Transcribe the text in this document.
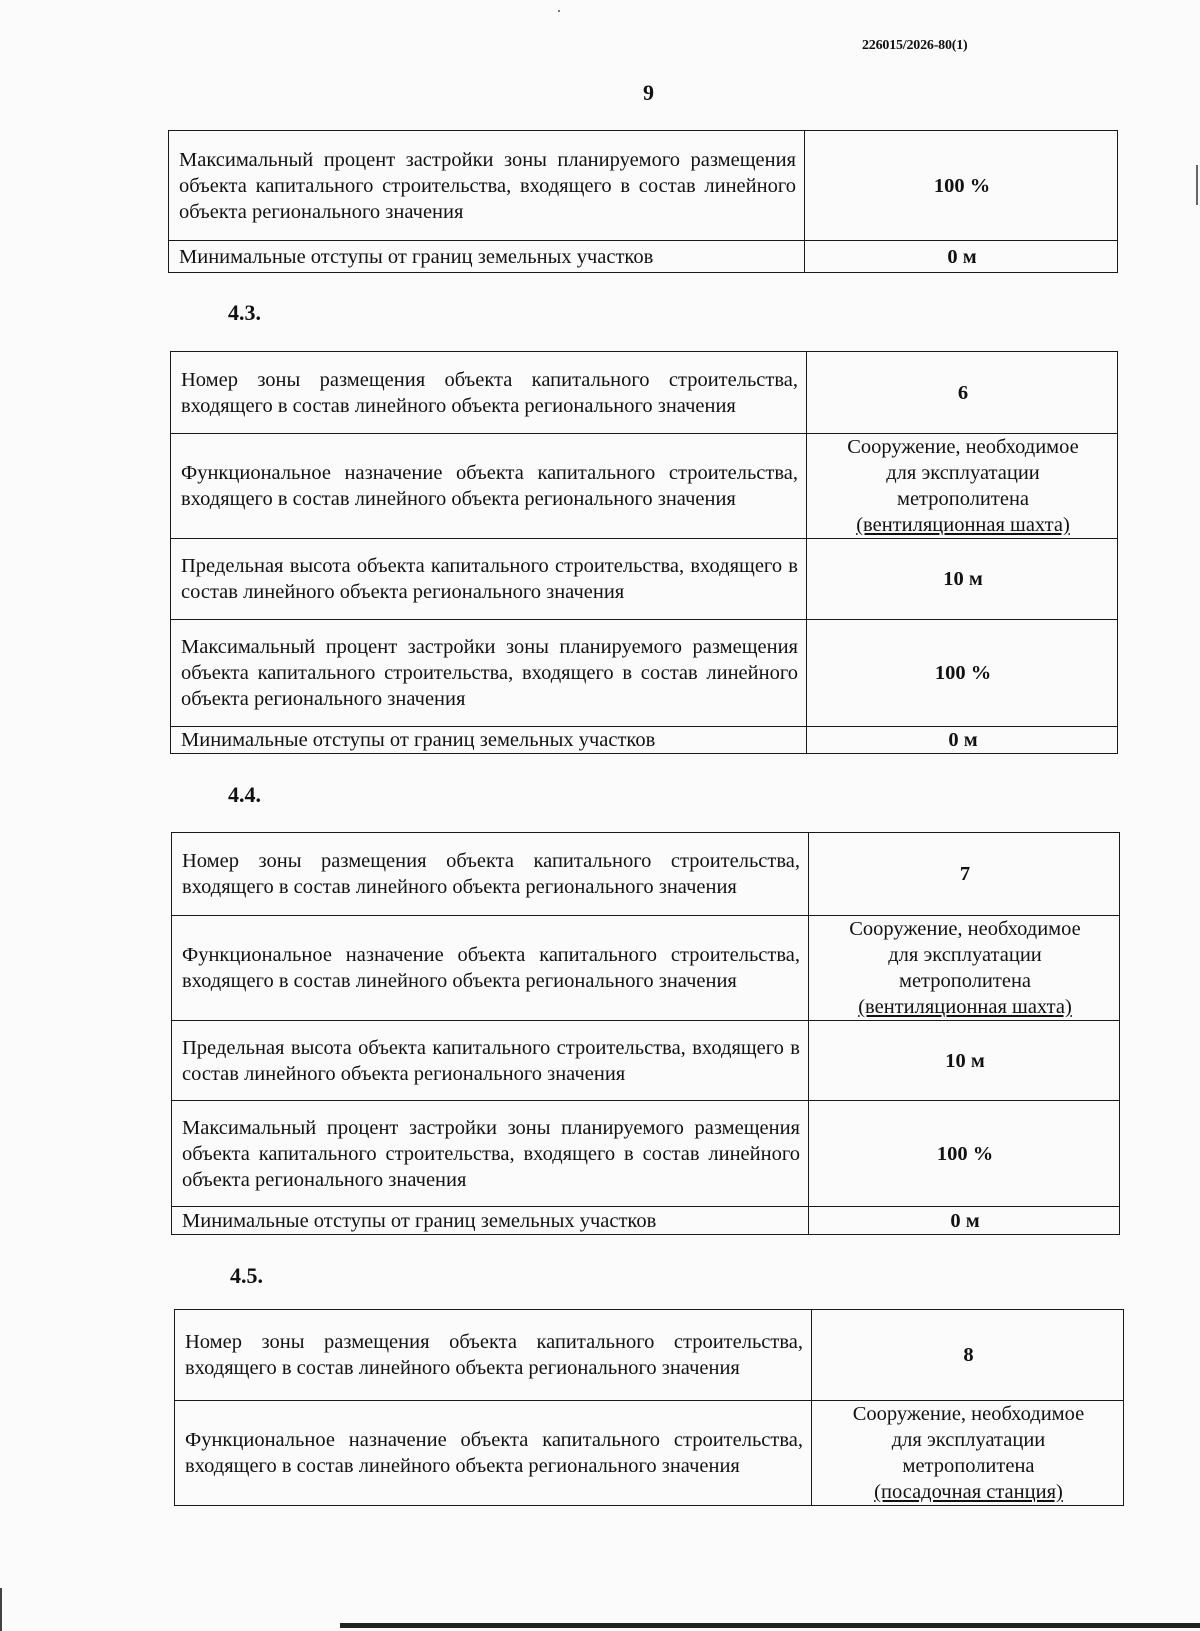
226015/2026-80(1)
9
Максимальный процент застройки зоны планируемого размещения объекта капитального строительства, входящего в состав линейного объекта регионального значения	100 %
Минимальные отступы от границ земельных участков	0 м
4.3.
Номер зоны размещения объекта капитального строительства, входящего в состав линейного объекта регионального значения	6
Функциональное назначение объекта капитального строительства, входящего в состав линейного объекта регионального значения	Сооружение, необходимое
для эксплуатации
метрополитена
(вентиляционная шахта)

Предельная высота объекта капитального строительства, входящего в состав линейного объекта регионального значения	10 м
Максимальный процент застройки зоны планируемого размещения объекта капитального строительства, входящего в состав линейного объекта регионального значения	100 %
Минимальные отступы от границ земельных участков	0 м
4.4.
Номер зоны размещения объекта капитального строительства, входящего в состав линейного объекта регионального значения	7
Функциональное назначение объекта капитального строительства, входящего в состав линейного объекта регионального значения	Сооружение, необходимое
для эксплуатации
метрополитена
(вентиляционная шахта)

Предельная высота объекта капитального строительства, входящего в состав линейного объекта регионального значения	10 м
Максимальный процент застройки зоны планируемого размещения объекта капитального строительства, входящего в состав линейного объекта регионального значения	100 %
Минимальные отступы от границ земельных участков	0 м
4.5.
Номер зоны размещения объекта капитального строительства, входящего в состав линейного объекта регионального значения	8
Функциональное назначение объекта капитального строительства, входящего в состав линейного объекта регионального значения	Сооружение, необходимое
для эксплуатации
метрополитена
(посадочная станция)
